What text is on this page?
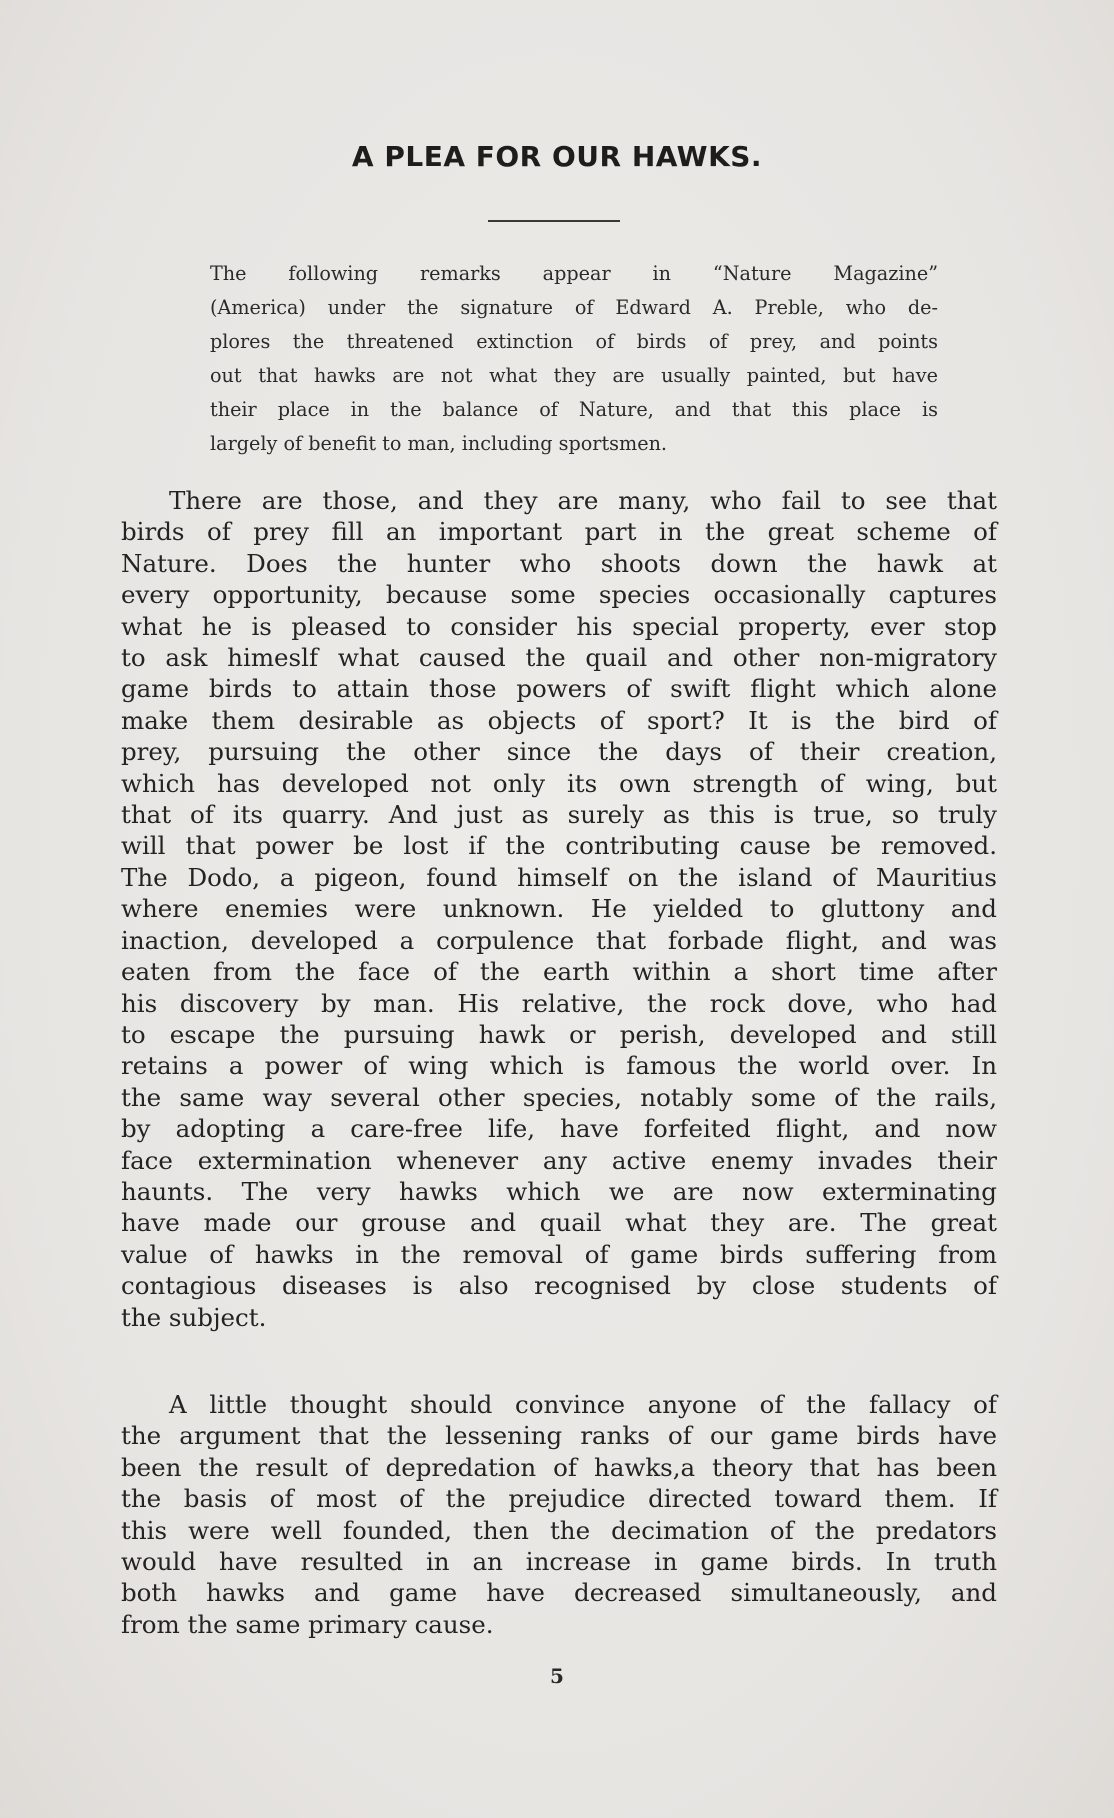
A PLEA FOR OUR HAWKS.
The following remarks appear in “Nature Magazine”
(America) under the signature of Edward A. Preble, who de-
plores the threatened extinction of birds of prey, and points
out that hawks are not what they are usually painted, but have
their place in the balance of Nature, and that this place is
largely of benefit to man, including sportsmen.
There are those, and they are many, who fail to see that
birds of prey fill an important part in the great scheme of
Nature. Does the hunter who shoots down the hawk at
every opportunity, because some species occasionally captures
what he is pleased to consider his special property, ever stop
to ask himeslf what caused the quail and other non-migratory
game birds to attain those powers of swift flight which alone
make them desirable as objects of sport? It is the bird of
prey, pursuing the other since the days of their creation,
which has developed not only its own strength of wing, but
that of its quarry. And just as surely as this is true, so truly
will that power be lost if the contributing cause be removed.
The Dodo, a pigeon, found himself on the island of Mauritius
where enemies were unknown. He yielded to gluttony and
inaction, developed a corpulence that forbade flight, and was
eaten from the face of the earth within a short time after
his discovery by man. His relative, the rock dove, who had
to escape the pursuing hawk or perish, developed and still
retains a power of wing which is famous the world over. In
the same way several other species, notably some of the rails,
by adopting a care-free life, have forfeited flight, and now
face extermination whenever any active enemy invades their
haunts. The very hawks which we are now exterminating
have made our grouse and quail what they are. The great
value of hawks in the removal of game birds suffering from
contagious diseases is also recognised by close students of
the subject.
A little thought should convince anyone of the fallacy of
the argument that the lessening ranks of our game birds have
been the result of depredation of hawks,a theory that has been
the basis of most of the prejudice directed toward them. If
this were well founded, then the decimation of the predators
would have resulted in an increase in game birds. In truth
both hawks and game have decreased simultaneously, and
from the same primary cause.
5
